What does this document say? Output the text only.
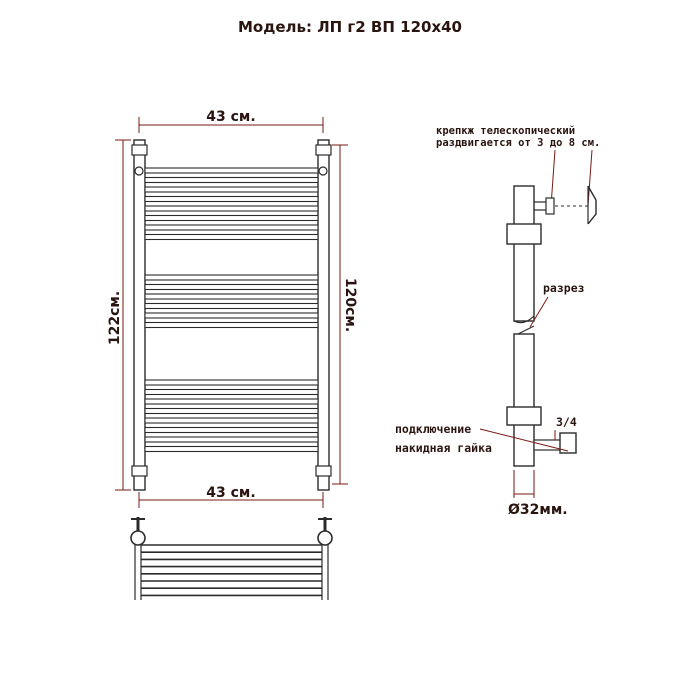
Модель: ЛП г2 ВП 120х40
43 см.
43 см.
122см.	120см.
крепкж телескопический
раздвигается от 3 до 8 см.
разрез
3/4
подключение
накидная гайка
Ø32мм.
